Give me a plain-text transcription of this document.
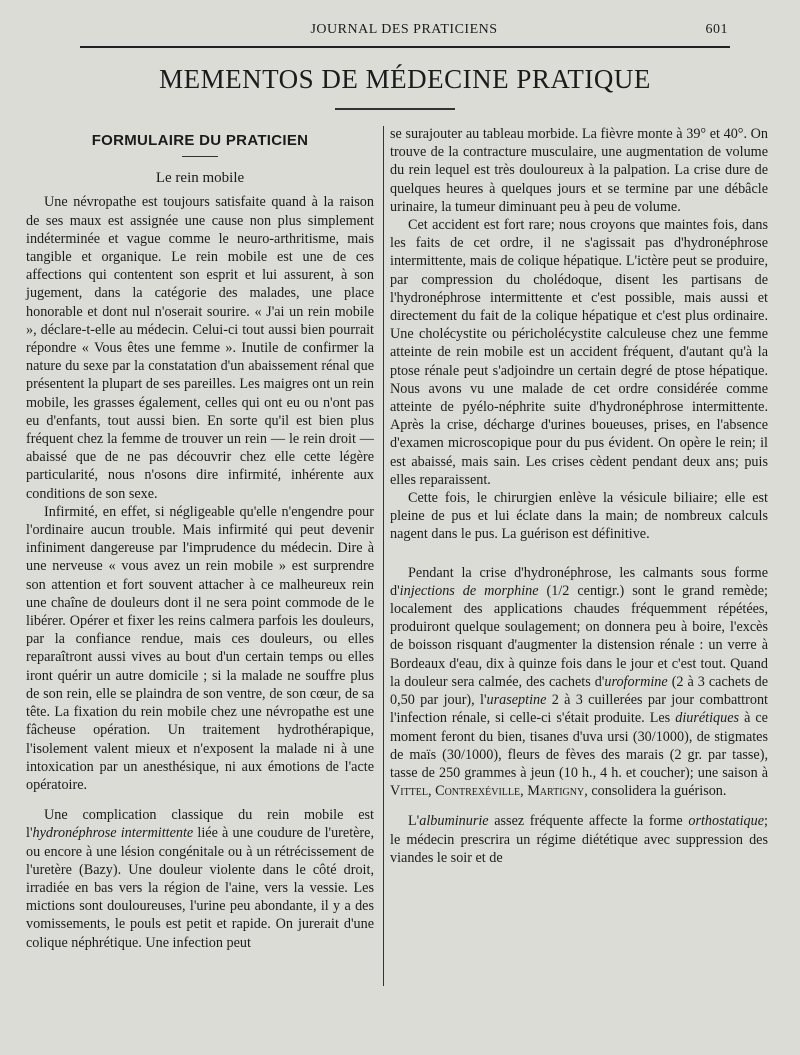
JOURNAL DES PRATICIENS	601
MEMENTOS DE MÉDECINE PRATIQUE
FORMULAIRE DU PRATICIEN
Le rein mobile

Une névropathe est toujours satisfaite quand à la raison de ses maux est assignée une cause non plus simplement indéterminée et vague comme le neuro-arthritisme, mais tangible et organique. Le rein mobile est une de ces affections qui contentent son esprit et lui assurent, à son jugement, dans la catégorie des malades, une place honorable et dont nul n'oserait sourire. « J'ai un rein mobile », déclare-t-elle au médecin. Celui-ci tout aussi bien pourrait répondre « Vous êtes une femme ». Inutile de confirmer la nature du sexe par la constatation d'un abaissement rénal que présentent la plupart de ses pareilles. Les maigres ont un rein mobile, les grasses également, celles qui ont eu ou n'ont pas eu d'enfants, tout aussi bien. En sorte qu'il est bien plus fréquent chez la femme de trouver un rein — le rein droit — abaissé que de ne pas découvrir chez elle cette légère particularité, nous n'osons dire infirmité, inhérente aux conditions de son sexe.

Infirmité, en effet, si négligeable qu'elle n'engendre pour l'ordinaire aucun trouble. Mais infirmité qui peut devenir infiniment dangereuse par l'imprudence du médecin. Dire à une nerveuse « vous avez un rein mobile » est surprendre son attention et fort souvent attacher à ce malheureux rein une chaîne de douleurs dont il ne sera point commode de le libérer. Opérer et fixer les reins calmera parfois les douleurs, par la confiance rendue, mais ces douleurs, ou elles reparaîtront aussi vives au bout d'un certain temps ou elles iront quérir un autre domicile ; si la malade ne souffre plus de son rein, elle se plaindra de son ventre, de son cœur, de sa tête. La fixation du rein mobile chez une névropathe est une fâcheuse opération. Un traitement hydrothérapique, l'isolement valent mieux et n'exposent la malade ni à une intoxication par un anesthésique, ni aux émotions de l'acte opératoire.

Une complication classique du rein mobile est l'hydronéphrose intermittente liée à une coudure de l'uretère, ou encore à une lésion congénitale ou à un rétrécissement de l'uretère (Bazy). Une douleur violente dans le côté droit, irradiée en bas vers la région de l'aine, vers la vessie. Les mictions sont douloureuses, l'urine peu abondante, il y a des vomissements, le pouls est petit et rapide. On jurerait d'une colique néphrétique. Une infection peut

se surajouter au tableau morbide. La fièvre monte à 39° et 40°. On trouve de la contracture musculaire, une augmentation de volume du rein lequel est très douloureux à la palpation. La crise dure de quelques heures à quelques jours et se termine par une débâcle urinaire, la tumeur diminuant peu à peu de volume.

Cet accident est fort rare; nous croyons que maintes fois, dans les faits de cet ordre, il ne s'agissait pas d'hydronéphrose intermittente, mais de colique hépatique. L'ictère peut se produire, par compression du cholédoque, disent les partisans de l'hydronéphrose intermittente et c'est possible, mais aussi et directement du fait de la colique hépatique et c'est plus ordinaire. Une cholécystite ou péricholécystite calculeuse chez une femme atteinte de rein mobile est un accident fréquent, d'autant qu'à la ptose rénale peut s'adjoindre un certain degré de ptose hépatique. Nous avons vu une malade de cet ordre considérée comme atteinte de pyélo-néphrite suite d'hydronéphrose intermittente. Après la crise, décharge d'urines boueuses, prises, en l'absence d'examen microscopique pour du pus évident. On opère le rein; il est abaissé, mais sain. Les crises cèdent pendant deux ans; puis elles reparaissent.

Cette fois, le chirurgien enlève la vésicule biliaire; elle est pleine de pus et lui éclate dans la main; de nombreux calculs nagent dans le pus. La guérison est définitive.

Pendant la crise d'hydronéphrose, les calmants sous forme d'injections de morphine (1/2 centigr.) sont le grand remède; localement des applications chaudes fréquemment répétées, produiront quelque soulagement; on donnera peu à boire, l'excès de boisson risquant d'augmenter la distension rénale : un verre à Bordeaux d'eau, dix à quinze fois dans le jour et c'est tout. Quand la douleur sera calmée, des cachets d'uroformine (2 à 3 cachets de 0,50 par jour), l'uraseptine 2 à 3 cuillerées par jour combattront l'infection rénale, si celle-ci s'était produite. Les diurétiques à ce moment feront du bien, tisanes d'uva ursi (30/1000), de stigmates de maïs (30/1000), fleurs de fèves des marais (2 gr. par tasse), tasse de 250 grammes à jeun (10 h., 4 h. et coucher); une saison à Vittel, Contrexéville, Martigny, consolidera la guérison.

L'albuminurie assez fréquente affecte la forme orthostatique; le médecin prescrira un régime diététique avec suppression des viandes le soir et de
